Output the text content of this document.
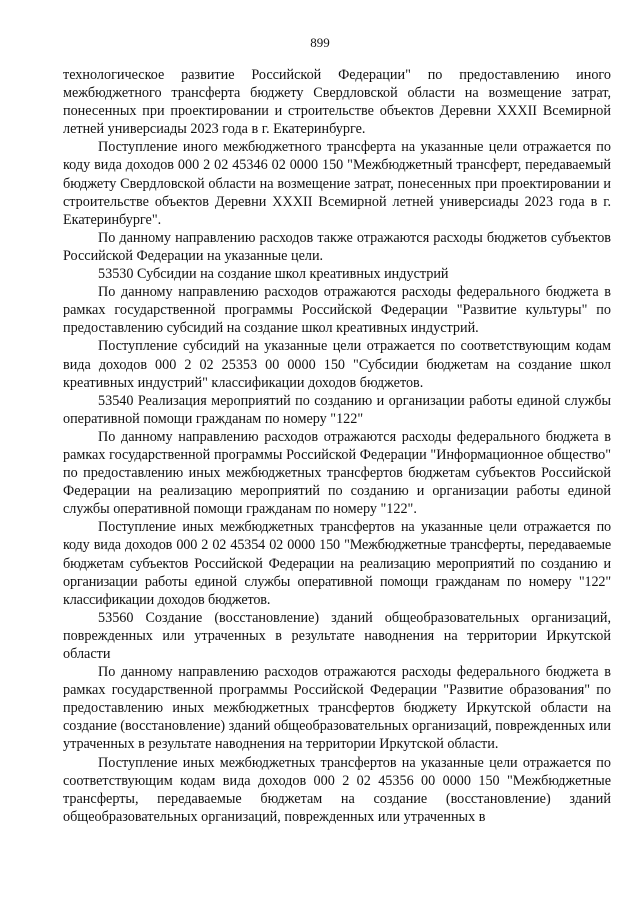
899

технологическое развитие Российской Федерации" по предоставлению иного межбюджетного трансферта бюджету Свердловской области на возмещение затрат, понесенных при проектировании и строительстве объектов Деревни XXXII Всемирной летней универсиады 2023 года в г. Екатеринбурге.

Поступление иного межбюджетного трансферта на указанные цели отражается по коду вида доходов 000 2 02 45346 02 0000 150 "Межбюджетный трансферт, передаваемый бюджету Свердловской области на возмещение затрат, понесенных при проектировании и строительстве объектов Деревни XXXII Всемирной летней универсиады 2023 года в г. Екатеринбурге".

По данному направлению расходов также отражаются расходы бюджетов субъектов Российской Федерации на указанные цели.

53530 Субсидии на создание школ креативных индустрий

По данному направлению расходов отражаются расходы федерального бюджета в рамках государственной программы Российской Федерации "Развитие культуры" по предоставлению субсидий на создание школ креативных индустрий.

Поступление субсидий на указанные цели отражается по соответствующим кодам вида доходов 000 2 02 25353 00 0000 150 "Субсидии бюджетам на создание школ креативных индустрий" классификации доходов бюджетов.

53540 Реализация мероприятий по созданию и организации работы единой службы оперативной помощи гражданам по номеру "122"

По данному направлению расходов отражаются расходы федерального бюджета в рамках государственной программы Российской Федерации "Информационное общество" по предоставлению иных межбюджетных трансфертов бюджетам субъектов Российской Федерации на реализацию мероприятий по созданию и организации работы единой службы оперативной помощи гражданам по номеру "122".

Поступление иных межбюджетных трансфертов на указанные цели отражается по коду вида доходов 000 2 02 45354 02 0000 150 "Межбюджетные трансферты, передаваемые бюджетам субъектов Российской Федерации на реализацию мероприятий по созданию и организации работы единой службы оперативной помощи гражданам по номеру "122" классификации доходов бюджетов.

53560 Создание (восстановление) зданий общеобразовательных организаций, поврежденных или утраченных в результате наводнения на территории Иркутской области

По данному направлению расходов отражаются расходы федерального бюджета в рамках государственной программы Российской Федерации "Развитие образования" по предоставлению иных межбюджетных трансфертов бюджету Иркутской области на создание (восстановление) зданий общеобразовательных организаций, поврежденных или утраченных в результате наводнения на территории Иркутской области.

Поступление иных межбюджетных трансфертов на указанные цели отражается по соответствующим кодам вида доходов 000 2 02 45356 00 0000 150 "Межбюджетные трансферты, передаваемые бюджетам на создание (восстановление) зданий общеобразовательных организаций, поврежденных или утраченных в
